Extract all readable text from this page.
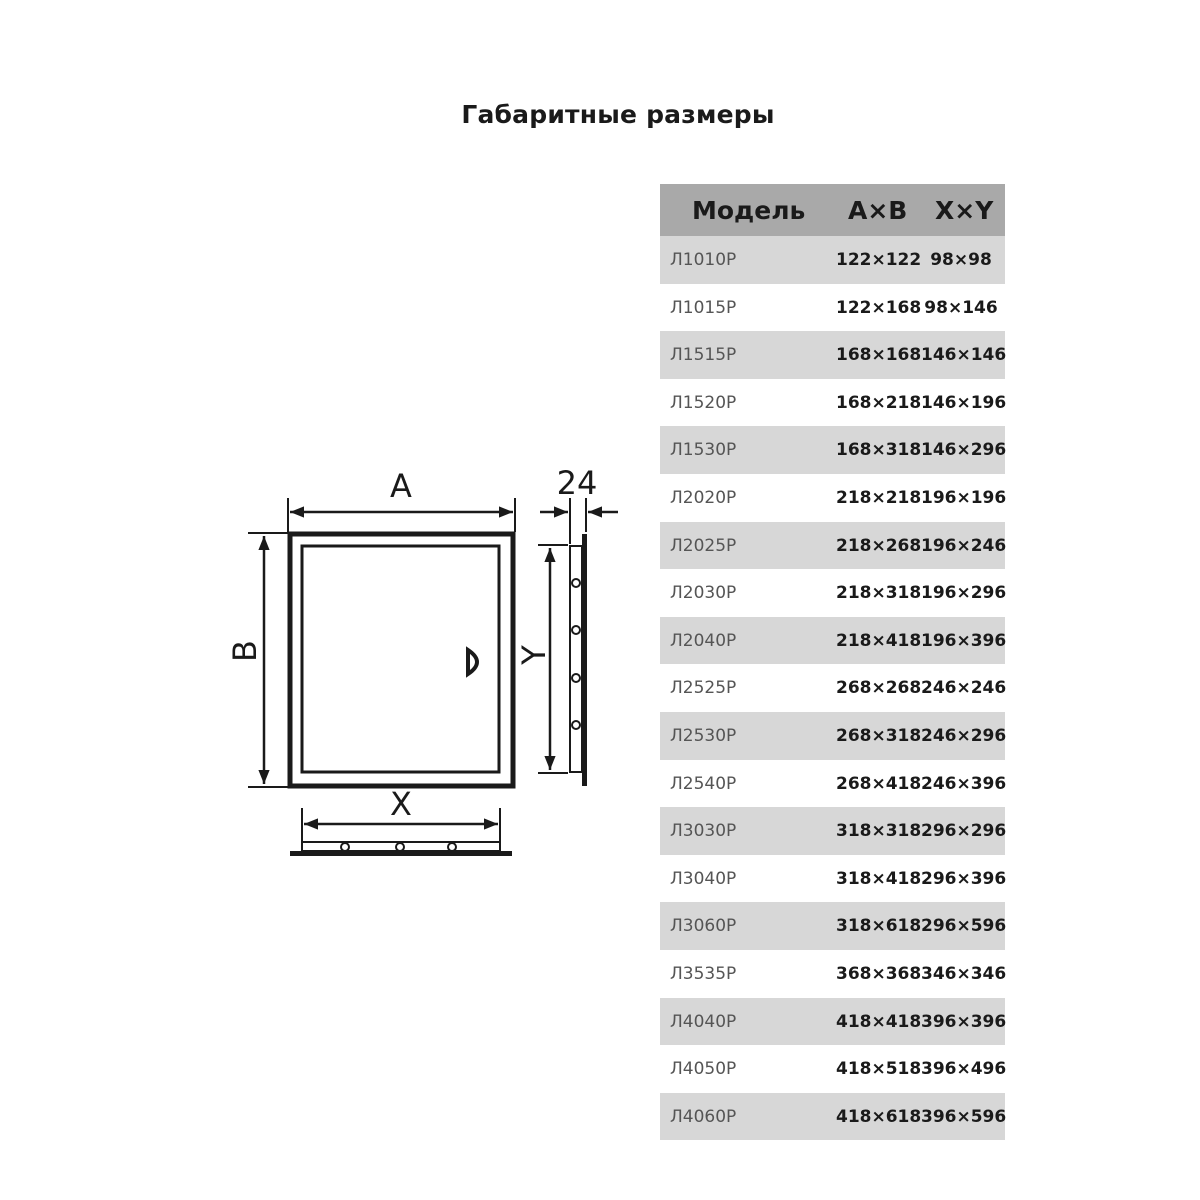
Габаритные размеры
A
B
X
Y
24
Модель A×B X×Y
Л1010Р	122×122 98×98
Л1015Р	122×168 98×146
Л1515Р	168×168 146×146
Л1520Р	168×218 146×196
Л1530Р	168×318 146×296
Л2020Р	218×218 196×196
Л2025Р	218×268 196×246
Л2030Р	218×318 196×296
Л2040Р	218×418 196×396
Л2525Р	268×268 246×246
Л2530Р	268×318 246×296
Л2540Р	268×418 246×396
Л3030Р	318×318 296×296
Л3040Р	318×418 296×396
Л3060Р	318×618 296×596
Л3535Р	368×368 346×346
Л4040Р	418×418 396×396
Л4050Р	418×518 396×496
Л4060Р	418×618 396×596
